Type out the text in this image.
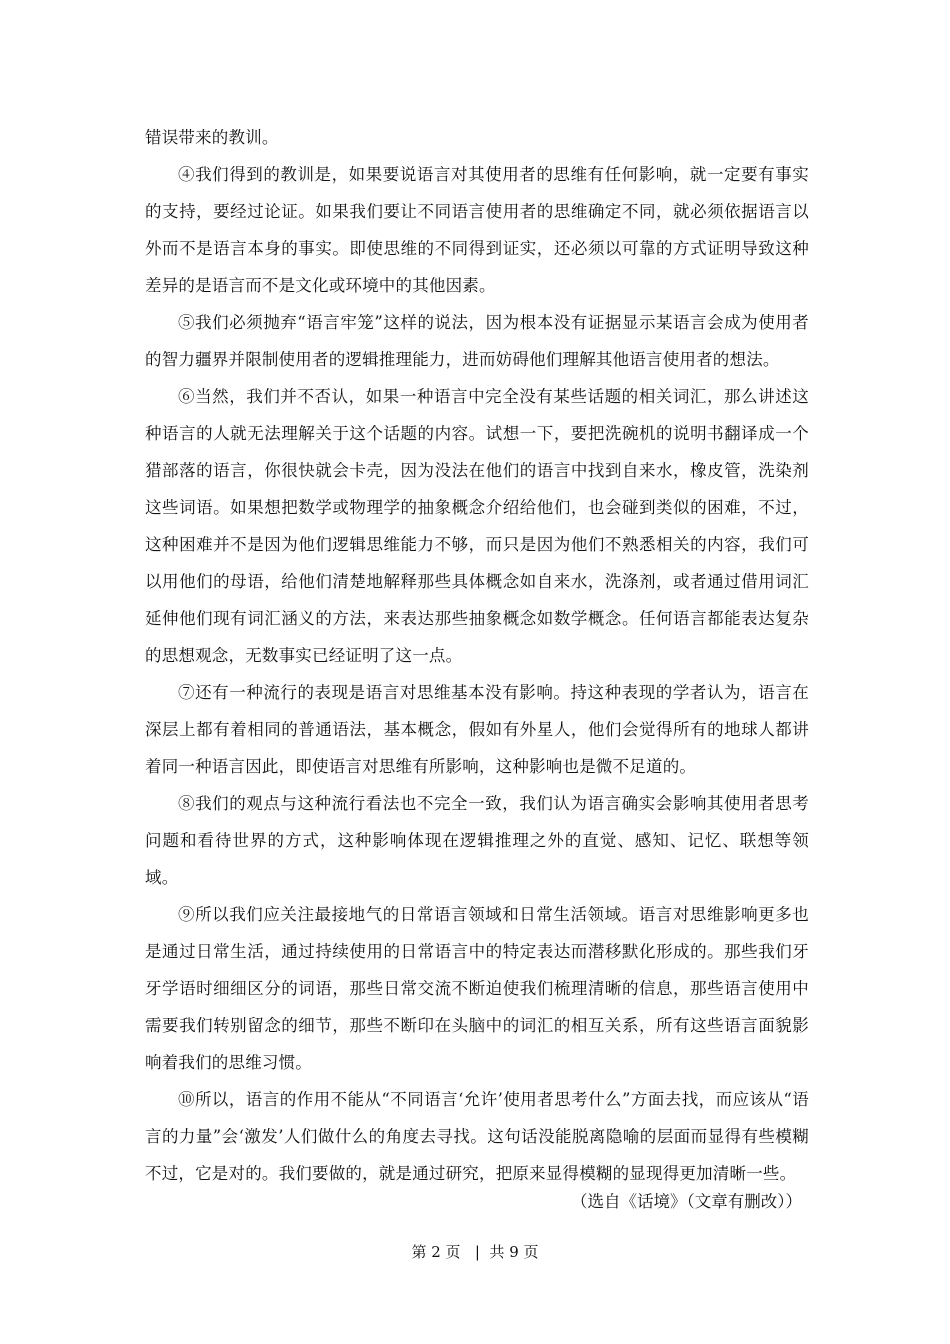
错误带来的教训。

④我们得到的教训是，如果要说语言对其使用者的思维有任何影响，就一定要有事实的支持，要经过论证。如果我们要让不同语言使用者的思维确定不同，就必须依据语言以外而不是语言本身的事实。即使思维的不同得到证实，还必须以可靠的方式证明导致这种差异的是语言而不是文化或环境中的其他因素。

⑤我们必须抛弃“语言牢笼”这样的说法，因为根本没有证据显示某语言会成为使用者的智力疆界并限制使用者的逻辑推理能力，进而妨碍他们理解其他语言使用者的想法。

⑥当然，我们并不否认，如果一种语言中完全没有某些话题的相关词汇，那么讲述这种语言的人就无法理解关于这个话题的内容。试想一下，要把洗碗机的说明书翻译成一个猎部落的语言，你很快就会卡壳，因为没法在他们的语言中找到自来水，橡皮管，洗染剂这些词语。如果想把数学或物理学的抽象概念介绍给他们，也会碰到类似的困难，不过，这种困难并不是因为他们逻辑思维能力不够，而只是因为他们不熟悉相关的内容，我们可以用他们的母语，给他们清楚地解释那些具体概念如自来水，洗涤剂，或者通过借用词汇延伸他们现有词汇涵义的方法，来表达那些抽象概念如数学概念。任何语言都能表达复杂的思想观念，无数事实已经证明了这一点。

⑦还有一种流行的表现是语言对思维基本没有影响。持这种表现的学者认为，语言在深层上都有着相同的普通语法，基本概念，假如有外星人，他们会觉得所有的地球人都讲着同一种语言因此，即使语言对思维有所影响，这种影响也是微不足道的。

⑧我们的观点与这种流行看法也不完全一致，我们认为语言确实会影响其使用者思考问题和看待世界的方式，这种影响体现在逻辑推理之外的直觉、感知、记忆、联想等领域。

⑨所以我们应关注最接地气的日常语言领域和日常生活领域。语言对思维影响更多也是通过日常生活，通过持续使用的日常语言中的特定表达而潜移默化形成的。那些我们牙牙学语时细细区分的词语，那些日常交流不断迫使我们梳理清晰的信息，那些语言使用中需要我们转别留念的细节，那些不断印在头脑中的词汇的相互关系，所有这些语言面貌影响着我们的思维习惯。

⑩所以，语言的作用不能从“不同语言‘允许’使用者思考什么”方面去找，而应该从“语言的力量”会‘激发’人们做什么的角度去寻找。这句话没能脱离隐喻的层面而显得有些模糊不过，它是对的。我们要做的，就是通过研究，把原来显得模糊的显现得更加清晰一些。

（选自《话境》（文章有删改））
第 2 页   |  共 9 页
